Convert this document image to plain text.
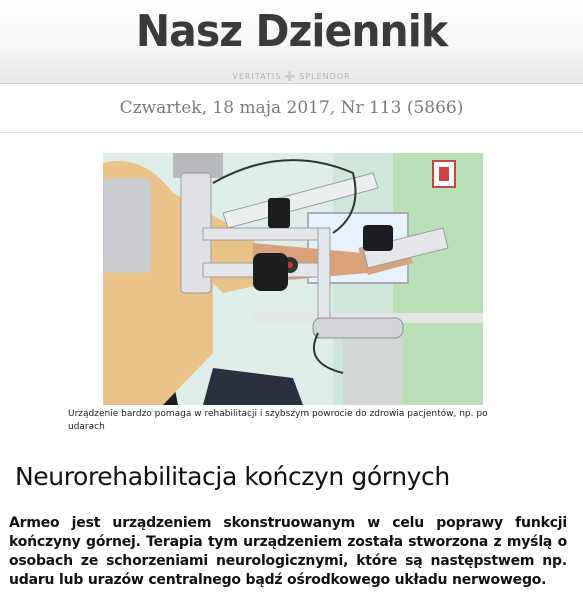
Nasz Dziennik
VERITATIS ✚ SPLENDOR
Czwartek, 18 maja 2017, Nr 113 (5866)
Urządzenie bardzo pomaga w rehabilitacji i szybszym powrocie do zdrowia pacjentów, np. po udarach
Neurorehabilitacja kończyn górnych

Armeo jest urządzeniem skonstruowanym w celu poprawy funkcji kończyny górnej. Terapia tym urządzeniem została stworzona z myślą o osobach ze schorzeniami neurologicznymi, które są następstwem np. udaru lub urazów centralnego bądź ośrodkowego układu nerwowego.
